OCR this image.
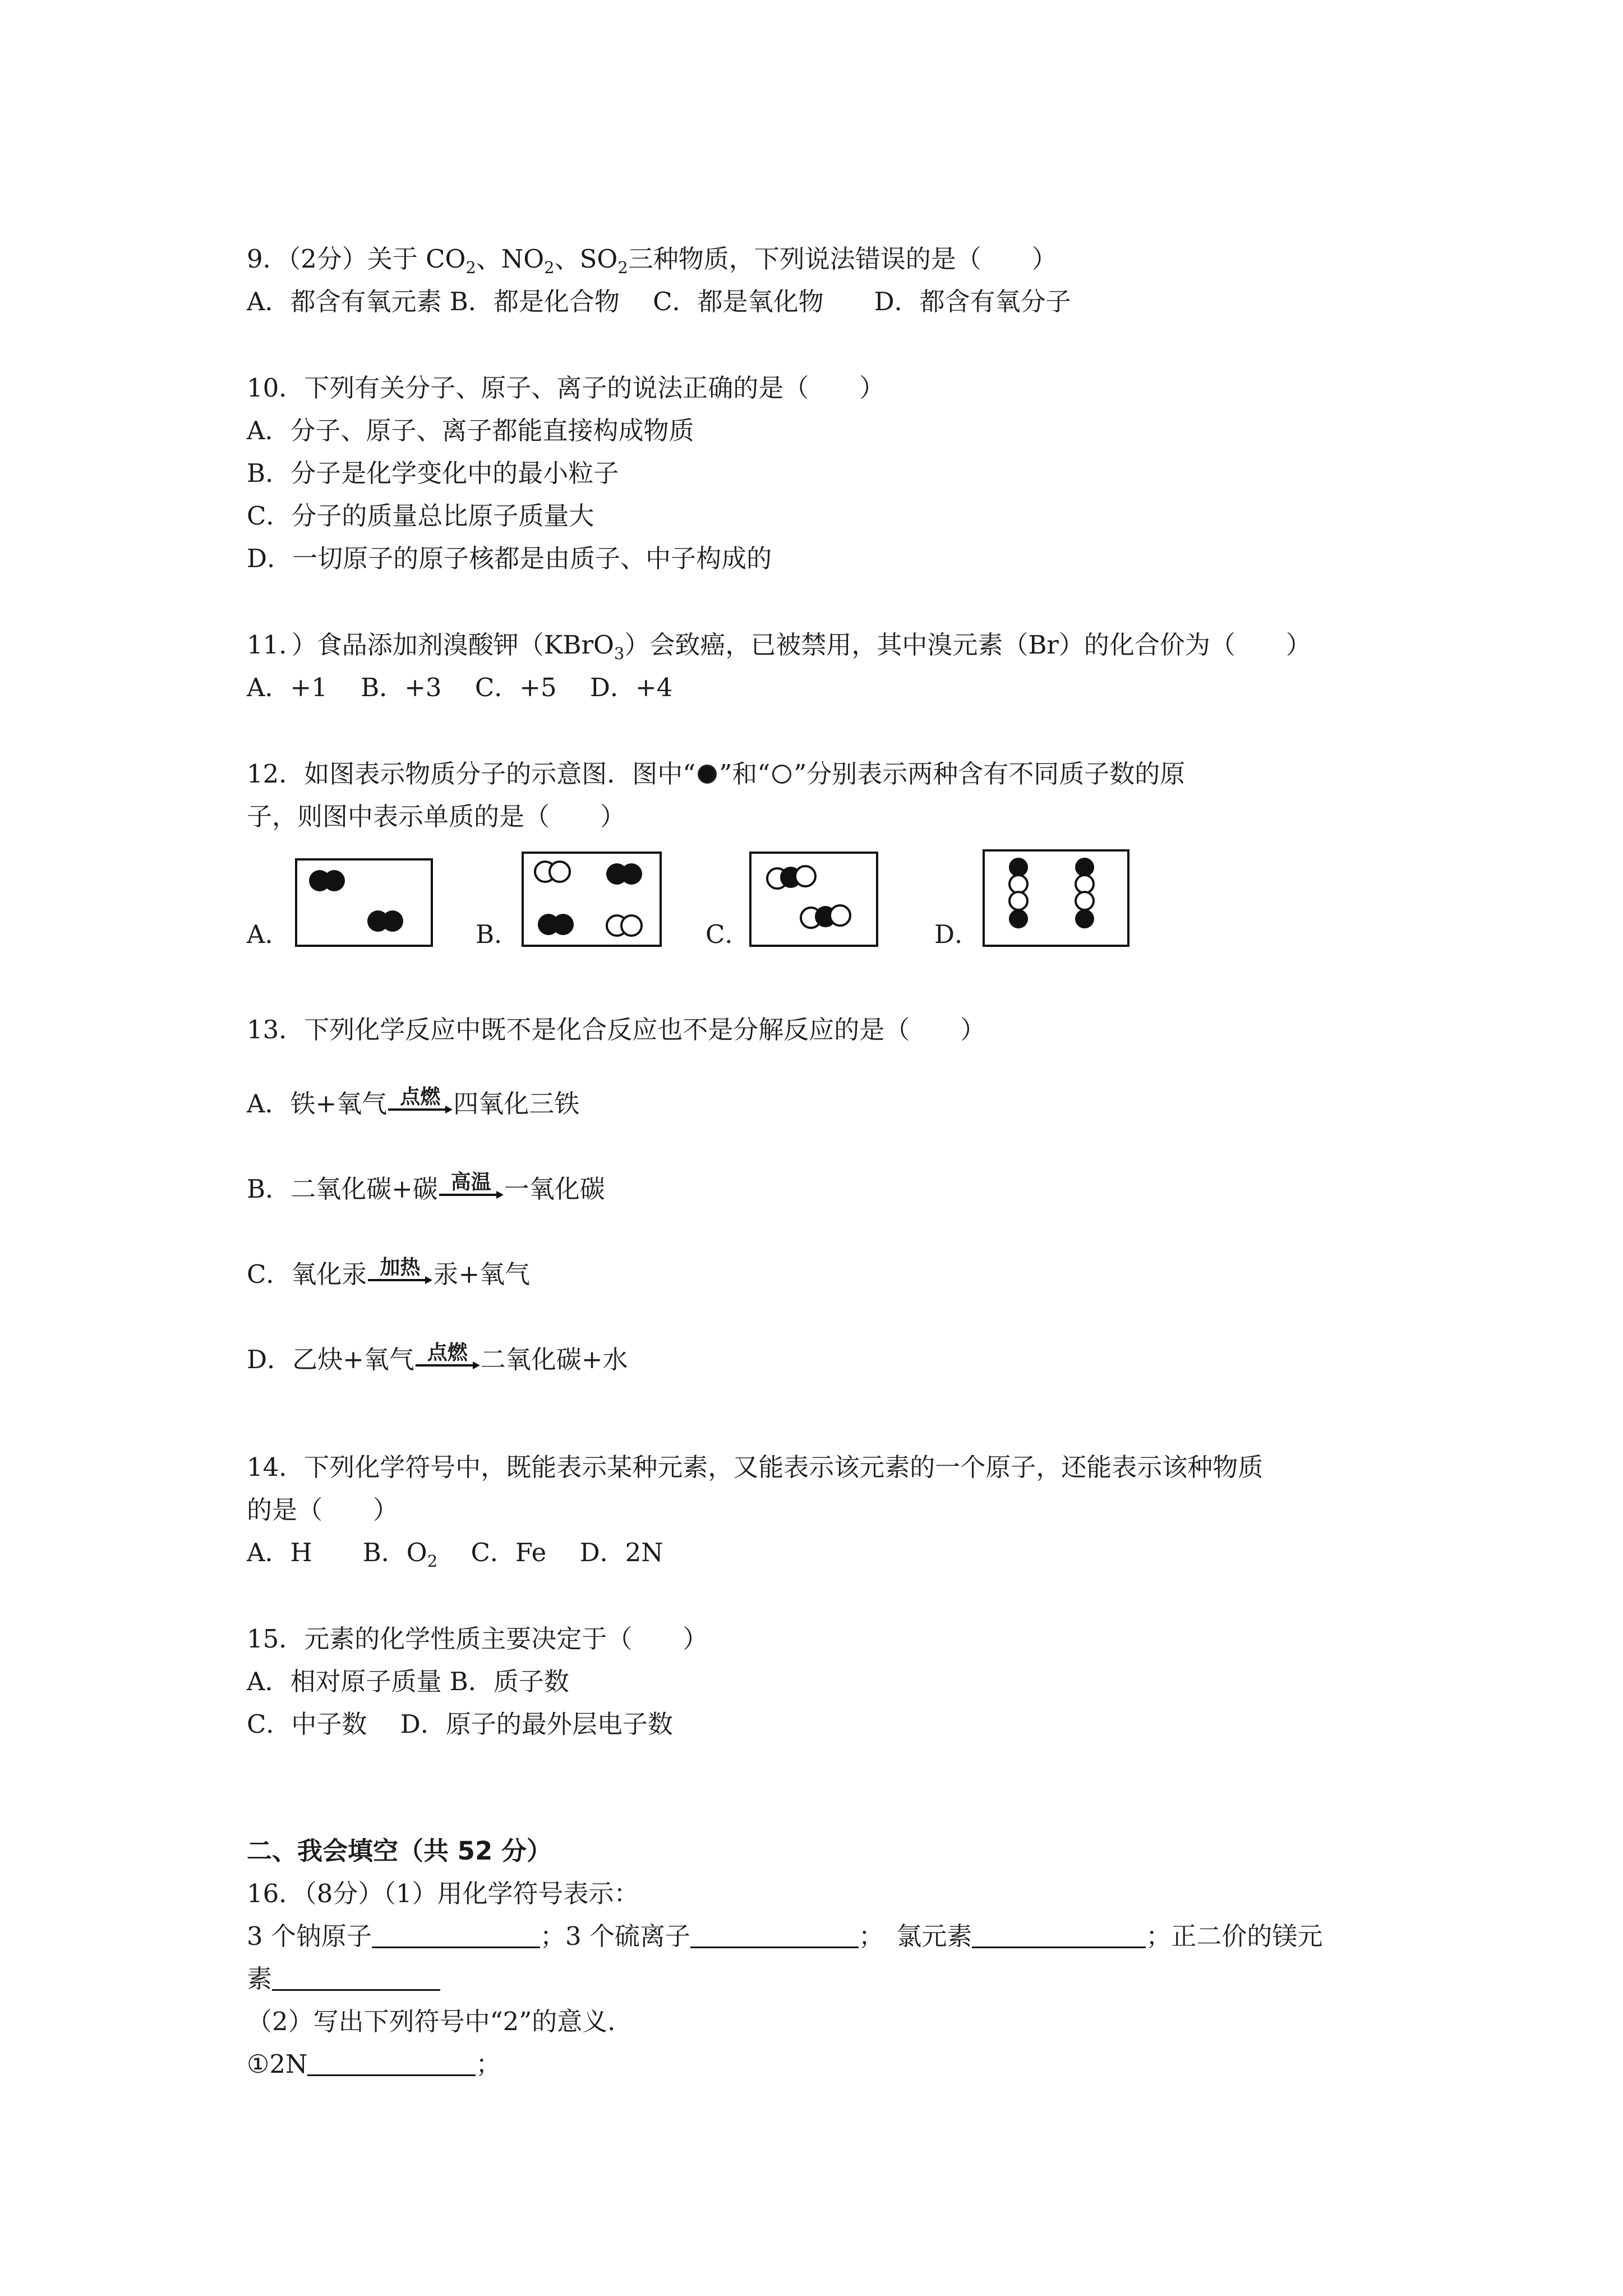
9．（2分）关于 $CO_2$、$NO_2$、$SO_2$三种物质，下列说法错误的是（　　）
A．都含有氧元素 B．都是化合物　 C．都是氧化物　　D．都含有氧分子
10．下列有关分子、原子、离子的说法正确的是（　　）
A．分子、原子、离子都能直接构成物质
B．分子是化学变化中的最小粒子
C．分子的质量总比原子质量大
D．一切原子的原子核都是由质子、中子构成的
11．）食品添加剂溴酸钾（KBrO$_3$）会致癌，已被禁用，其中溴元素（Br）的化合价为（　　）
A．+1　 B．+3　 C．+5　 D．+4
12．如图表示物质分子的示意图．图中“ ”和“ ”分别表示两种含有不同质子数的原
子，则图中表示单质的是（　　）
A．	B．	C．	D．
13．下列化学反应中既不是化合反应也不是分解反应的是（　　）
A．铁+氧气 点燃 四氧化三铁
B．二氧化碳+碳 高温 一氧化碳
C．氧化汞 加热 汞+氧气
D．乙炔+氧气 点燃 二氧化碳+水
14．下列化学符号中，既能表示某种元素，又能表示该元素的一个原子，还能表示该种物质
的是（　　）
A．H　　B．$O_2$　 C．Fe　 D．2N
15．元素的化学性质主要决定于（　　）
A．相对原子质量 B．质子数
C．中子数　 D．原子的最外层电子数
二、我会填空（共 52 分）
16．（8分）（1）用化学符号表示：
3 个钠原子	；3 个硫离子	；　氯元素	；正二价的镁元
素
（2）写出下列符号中“2”的意义．
①2N	；
